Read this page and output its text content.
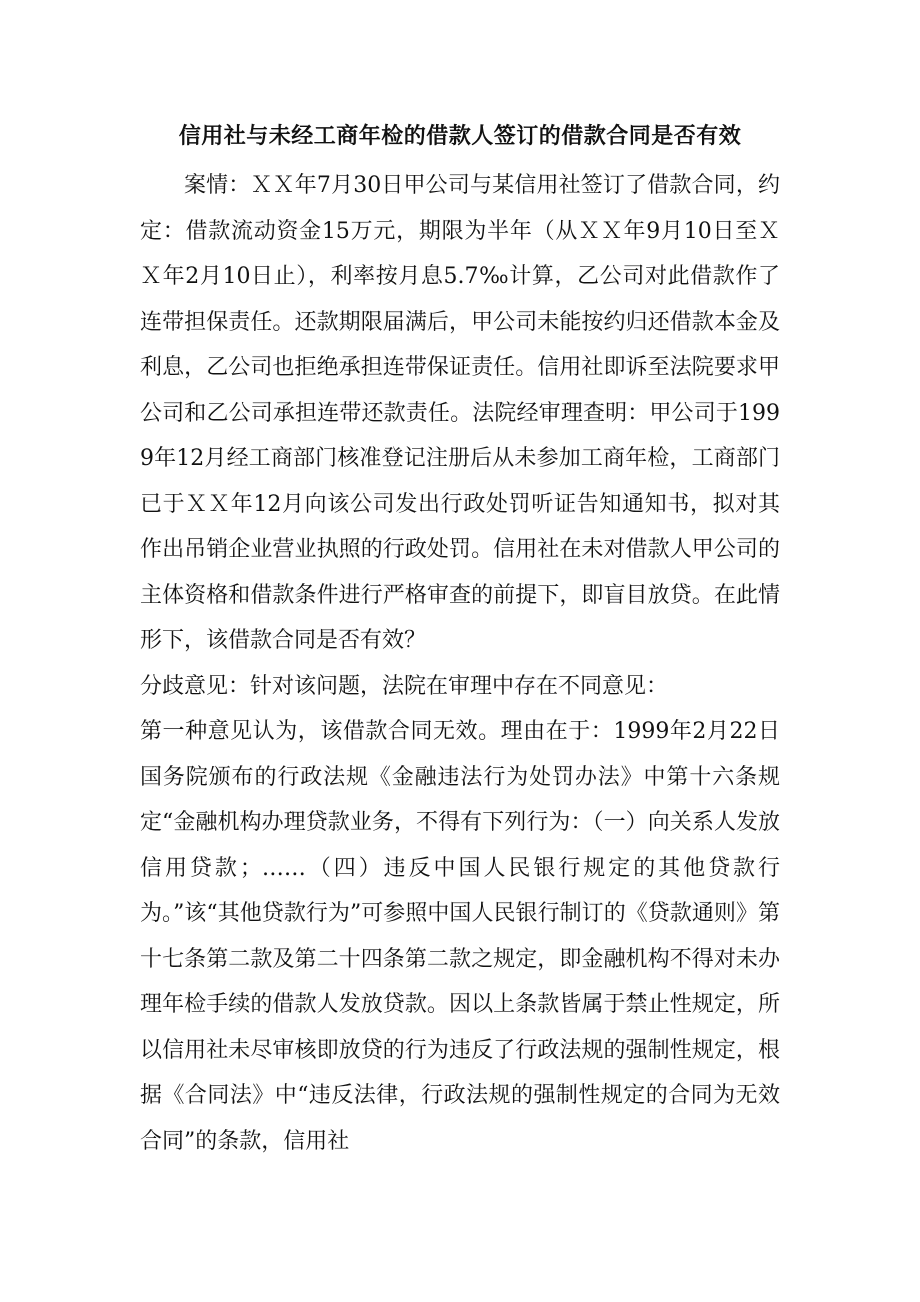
信用社与未经工商年检的借款人签订的借款合同是否有效

案情：ＸＸ年7月30日甲公司与某信用社签订了借款合同，约定：借款流动资金15万元，期限为半年（从ＸＸ年9月10日至ＸＸ年2月10日止），利率按月息5.7‰计算，乙公司对此借款作了连带担保责任。还款期限届满后，甲公司未能按约归还借款本金及利息，乙公司也拒绝承担连带保证责任。信用社即诉至法院要求甲公司和乙公司承担连带还款责任。法院经审理查明：甲公司于1999年12月经工商部门核准登记注册后从未参加工商年检，工商部门已于ＸＸ年12月向该公司发出行政处罚听证告知通知书，拟对其作出吊销企业营业执照的行政处罚。信用社在未对借款人甲公司的主体资格和借款条件进行严格审查的前提下，即盲目放贷。在此情形下，该借款合同是否有效？

分歧意见：针对该问题，法院在审理中存在不同意见：

第一种意见认为，该借款合同无效。理由在于：1999年2月22日国务院颁布的行政法规《金融违法行为处罚办法》中第十六条规定“金融机构办理贷款业务，不得有下列行为：（一）向关系人发放信用贷款；……（四）违反中国人民银行规定的其他贷款行为。”该“其他贷款行为”可参照中国人民银行制订的《贷款通则》第十七条第二款及第二十四条第二款之规定，即金融机构不得对未办理年检手续的借款人发放贷款。因以上条款皆属于禁止性规定，所以信用社未尽审核即放贷的行为违反了行政法规的强制性规定，根据《合同法》中“违反法律，行政法规的强制性规定的合同为无效合同”的条款，信用社
